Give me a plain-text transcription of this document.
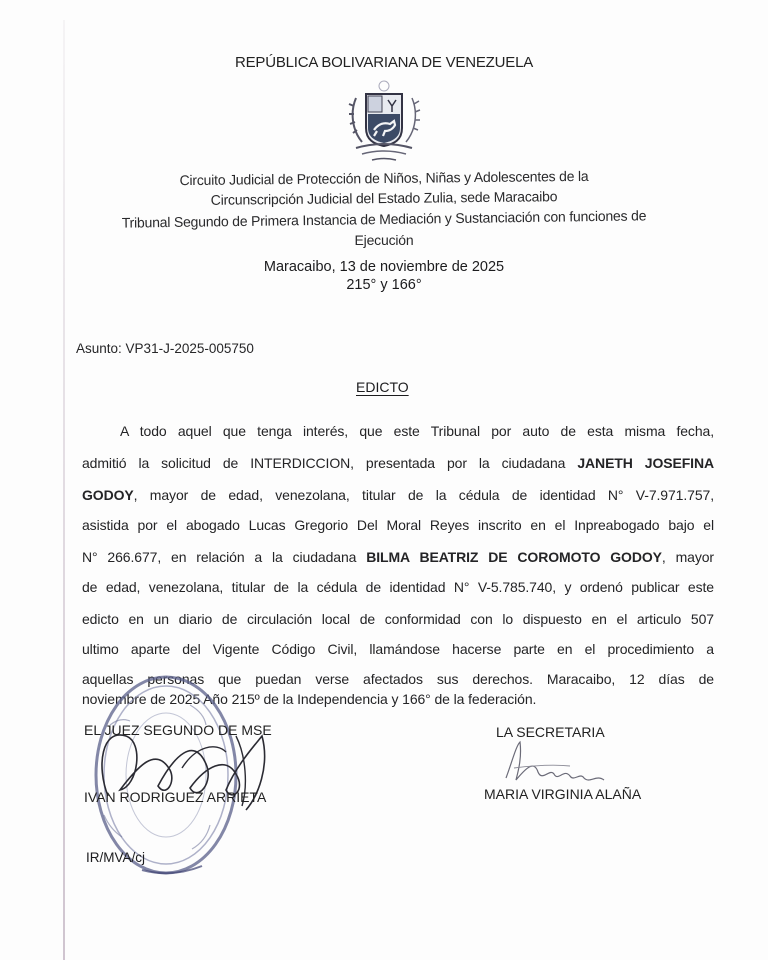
REPÚBLICA BOLIVARIANA DE VENEZUELA
Circuito Judicial de Protección de Niños, Niñas y Adolescentes de la
Circunscripción Judicial del Estado Zulia, sede Maracaibo
Tribunal Segundo de Primera Instancia de Mediación y Sustanciación con funciones de
Ejecución
Maracaibo, 13 de noviembre de 2025
215° y 166°
Asunto: VP31-J-2025-005750
EDICTO
A todo aquel que tenga interés, que este Tribunal por auto de esta misma fecha,
admitió la solicitud de INTERDICCION, presentada por la ciudadana JANETH JOSEFINA
GODOY, mayor de edad, venezolana, titular de la cédula de identidad N° V-7.971.757,
asistida por el abogado Lucas Gregorio Del Moral Reyes inscrito en el Inpreabogado bajo el
N° 266.677, en relación a la ciudadana BILMA BEATRIZ DE COROMOTO GODOY, mayor
de edad, venezolana, titular de la cédula de identidad N° V-5.785.740, y ordenó publicar este
edicto en un diario de circulación local de conformidad con lo dispuesto en el articulo 507
ultimo aparte del Vigente Código Civil, llamándose hacerse parte en el procedimiento a
aquellas personas que puedan verse afectados sus derechos. Maracaibo, 12 días de
noviembre de 2025 Año 215º de la Independencia y 166° de la federación.
EL JUEZ SEGUNDO DE MSE
IVAN RODRIGUEZ ARRIETA
LA SECRETARIA
MARIA VIRGINIA ALAÑA
IR/MVA/cj
